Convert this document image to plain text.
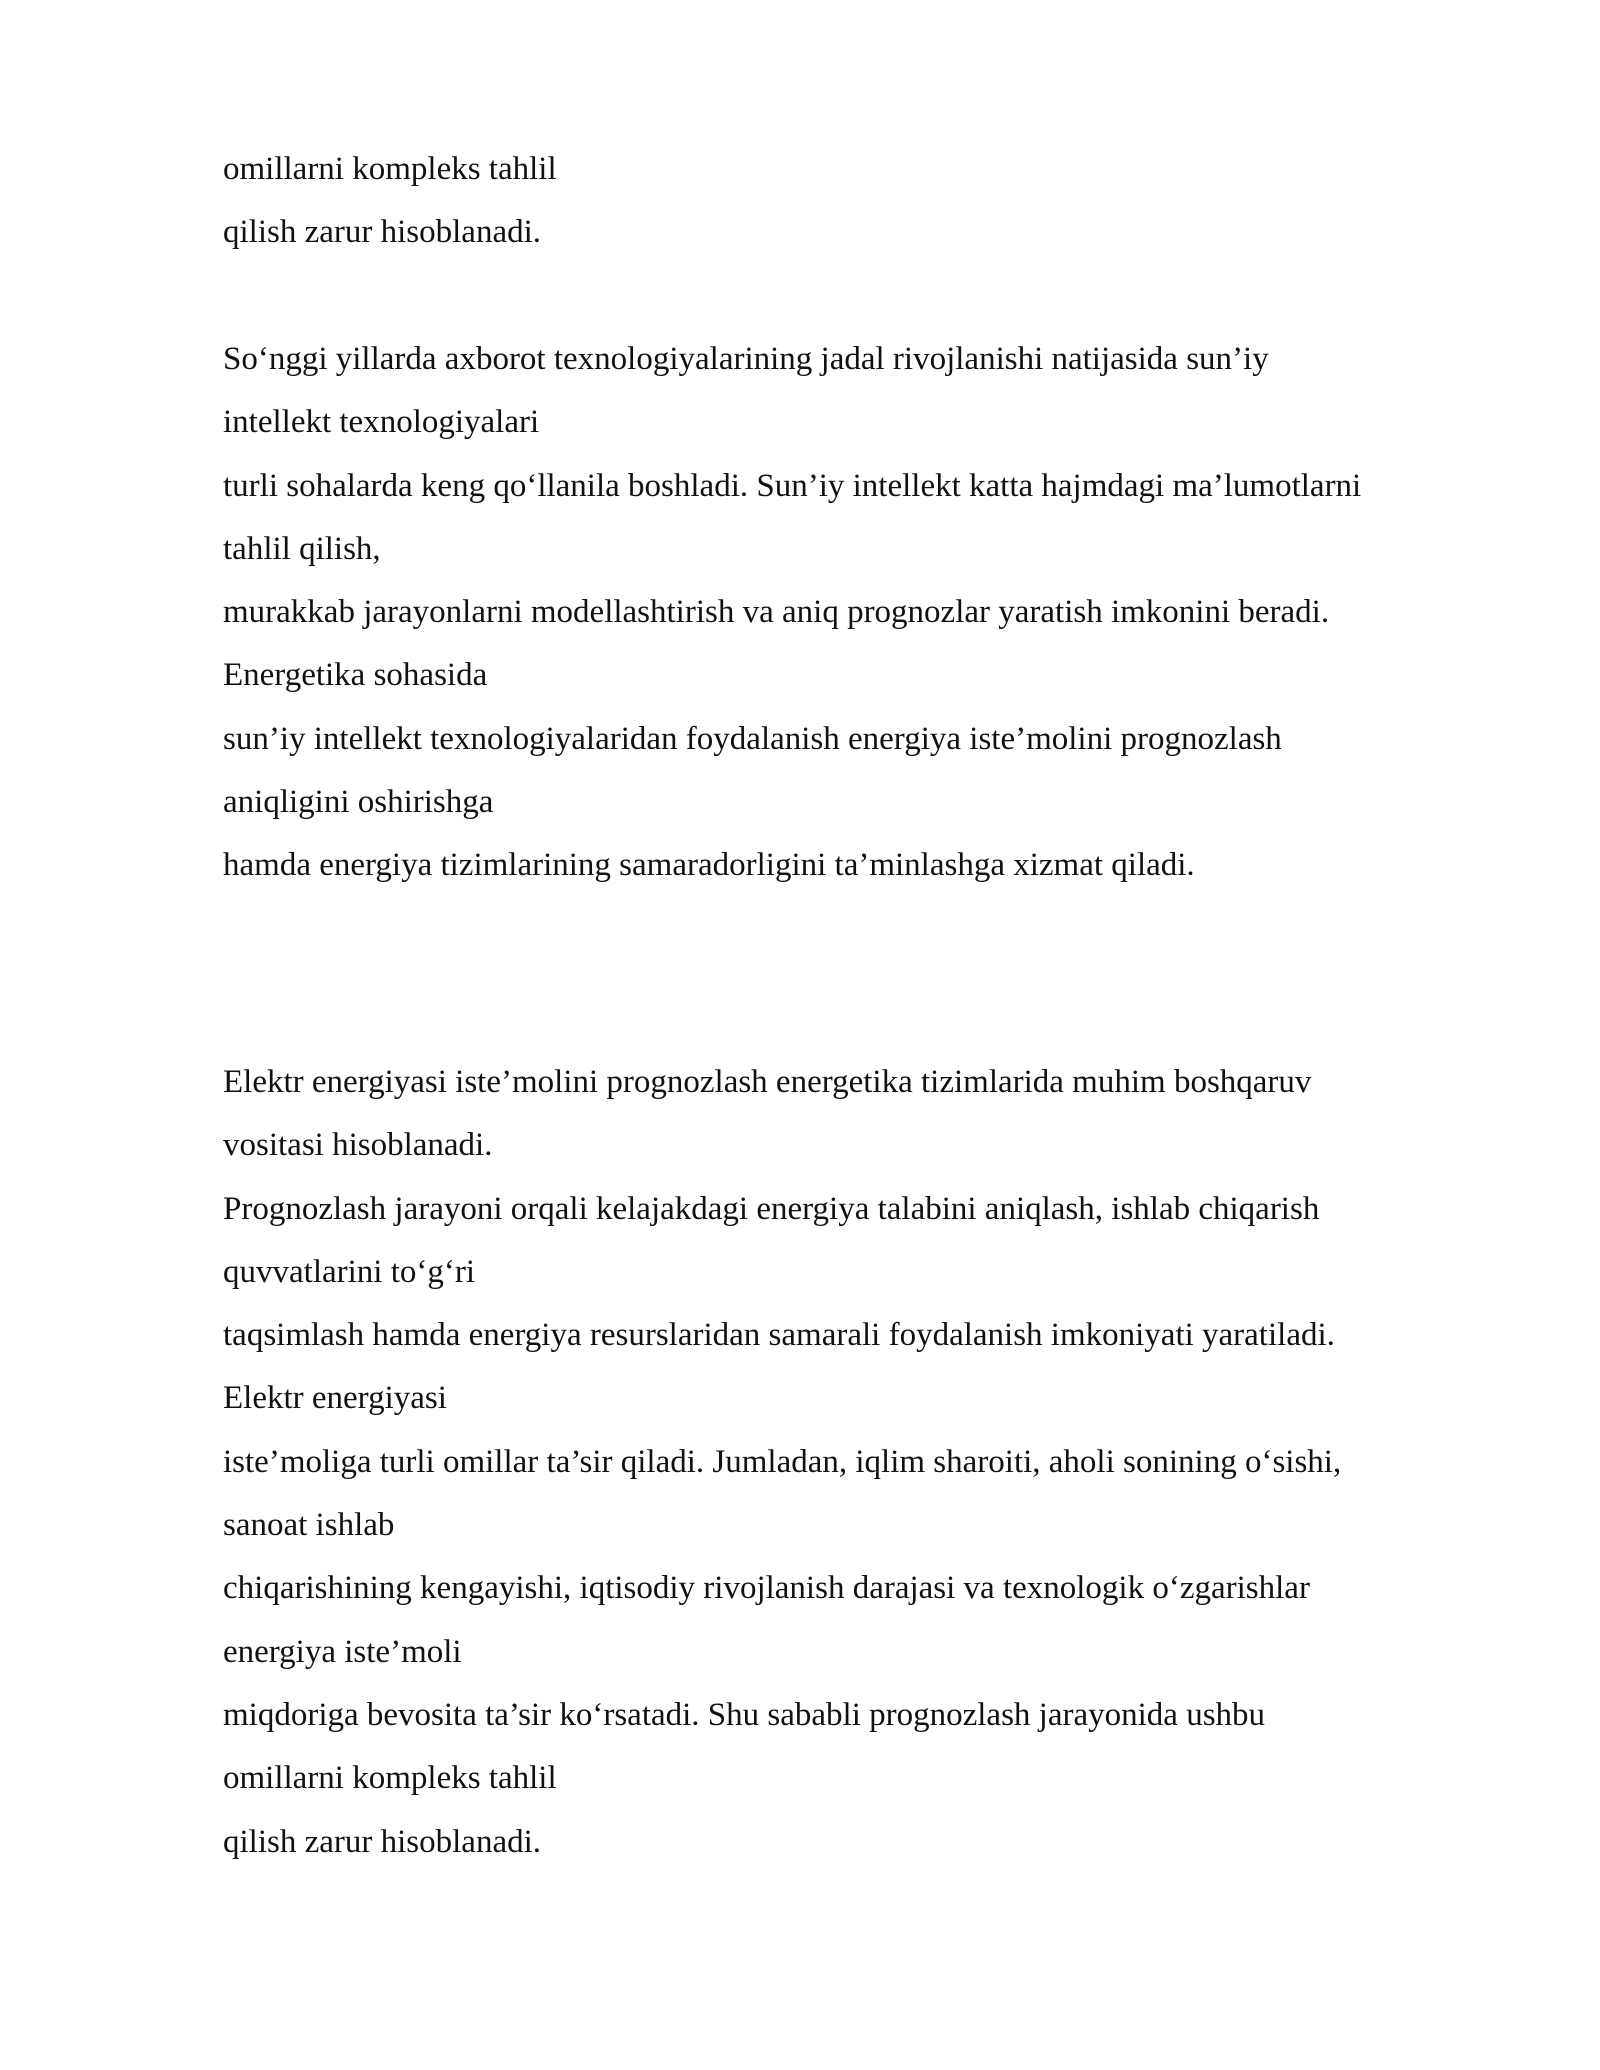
omillarni kompleks tahlil
qilish zarur hisoblanadi.
So‘nggi yillarda axborot texnologiyalarining jadal rivojlanishi natijasida sun’iy
intellekt texnologiyalari
turli sohalarda keng qo‘llanila boshladi. Sun’iy intellekt katta hajmdagi ma’lumotlarni
tahlil qilish,
murakkab jarayonlarni modellashtirish va aniq prognozlar yaratish imkonini beradi.
Energetika sohasida
sun’iy intellekt texnologiyalaridan foydalanish energiya iste’molini prognozlash
aniqligini oshirishga
hamda energiya tizimlarining samaradorligini ta’minlashga xizmat qiladi.
Elektr energiyasi iste’molini prognozlash energetika tizimlarida muhim boshqaruv
vositasi hisoblanadi.
Prognozlash jarayoni orqali kelajakdagi energiya talabini aniqlash, ishlab chiqarish
quvvatlarini to‘g‘ri
taqsimlash hamda energiya resurslaridan samarali foydalanish imkoniyati yaratiladi.
Elektr energiyasi
iste’moliga turli omillar ta’sir qiladi. Jumladan, iqlim sharoiti, aholi sonining o‘sishi,
sanoat ishlab
chiqarishining kengayishi, iqtisodiy rivojlanish darajasi va texnologik o‘zgarishlar
energiya iste’moli
miqdoriga bevosita ta’sir ko‘rsatadi. Shu sababli prognozlash jarayonida ushbu
omillarni kompleks tahlil
qilish zarur hisoblanadi.
